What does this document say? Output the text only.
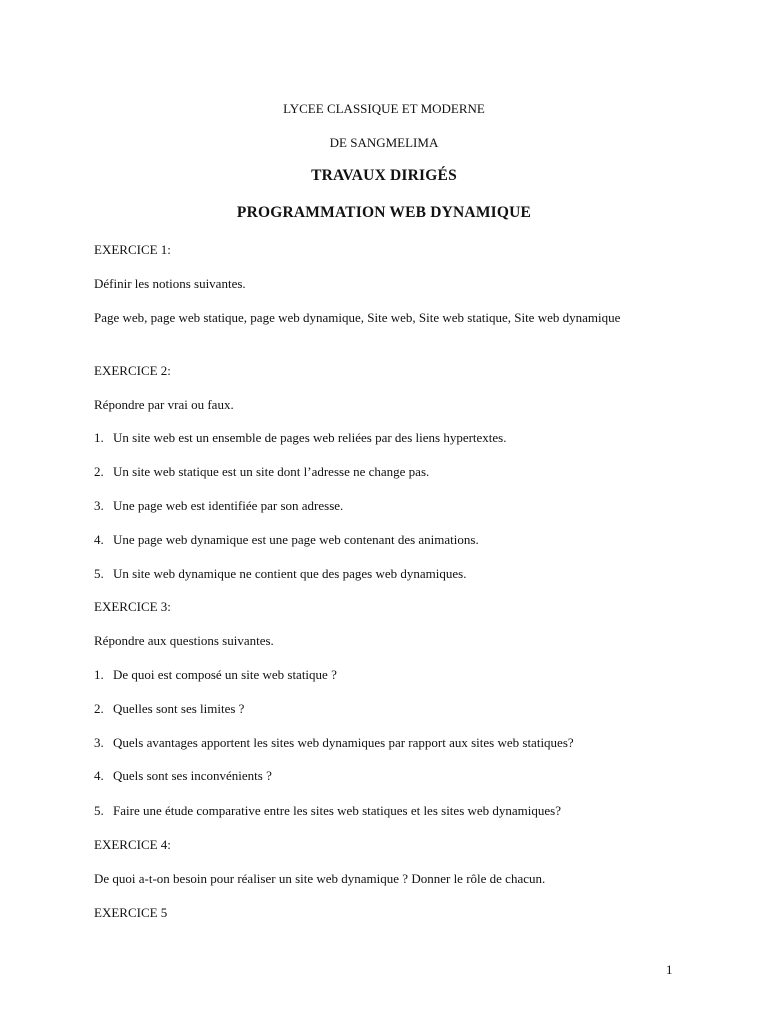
LYCEE CLASSIQUE ET MODERNE
DE SANGMELIMA
TRAVAUX DIRIGÉS
PROGRAMMATION WEB DYNAMIQUE
EXERCICE 1:
Définir les notions suivantes.
Page web, page web statique, page web dynamique, Site web, Site web statique, Site web dynamique
EXERCICE 2:
Répondre par vrai ou faux.
1. Un site web est un ensemble de pages web reliées par des liens hypertextes.
2. Un site web statique est un site dont l’adresse ne change pas.
3. Une page web est identifiée par son adresse.
4. Une page web dynamique est une page web contenant des animations.
5. Un site web dynamique ne contient que des pages web dynamiques.
EXERCICE 3:
Répondre aux questions suivantes.
1. De quoi est composé un site web statique ?
2. Quelles sont ses limites ?
3. Quels avantages apportent les sites web dynamiques par rapport aux sites web statiques?
4. Quels sont ses inconvénients ?
5. Faire une étude comparative entre les sites web statiques et les sites web dynamiques?
EXERCICE 4:
De quoi a-t-on besoin pour réaliser un site web dynamique ? Donner le rôle de chacun.
EXERCICE 5
1
